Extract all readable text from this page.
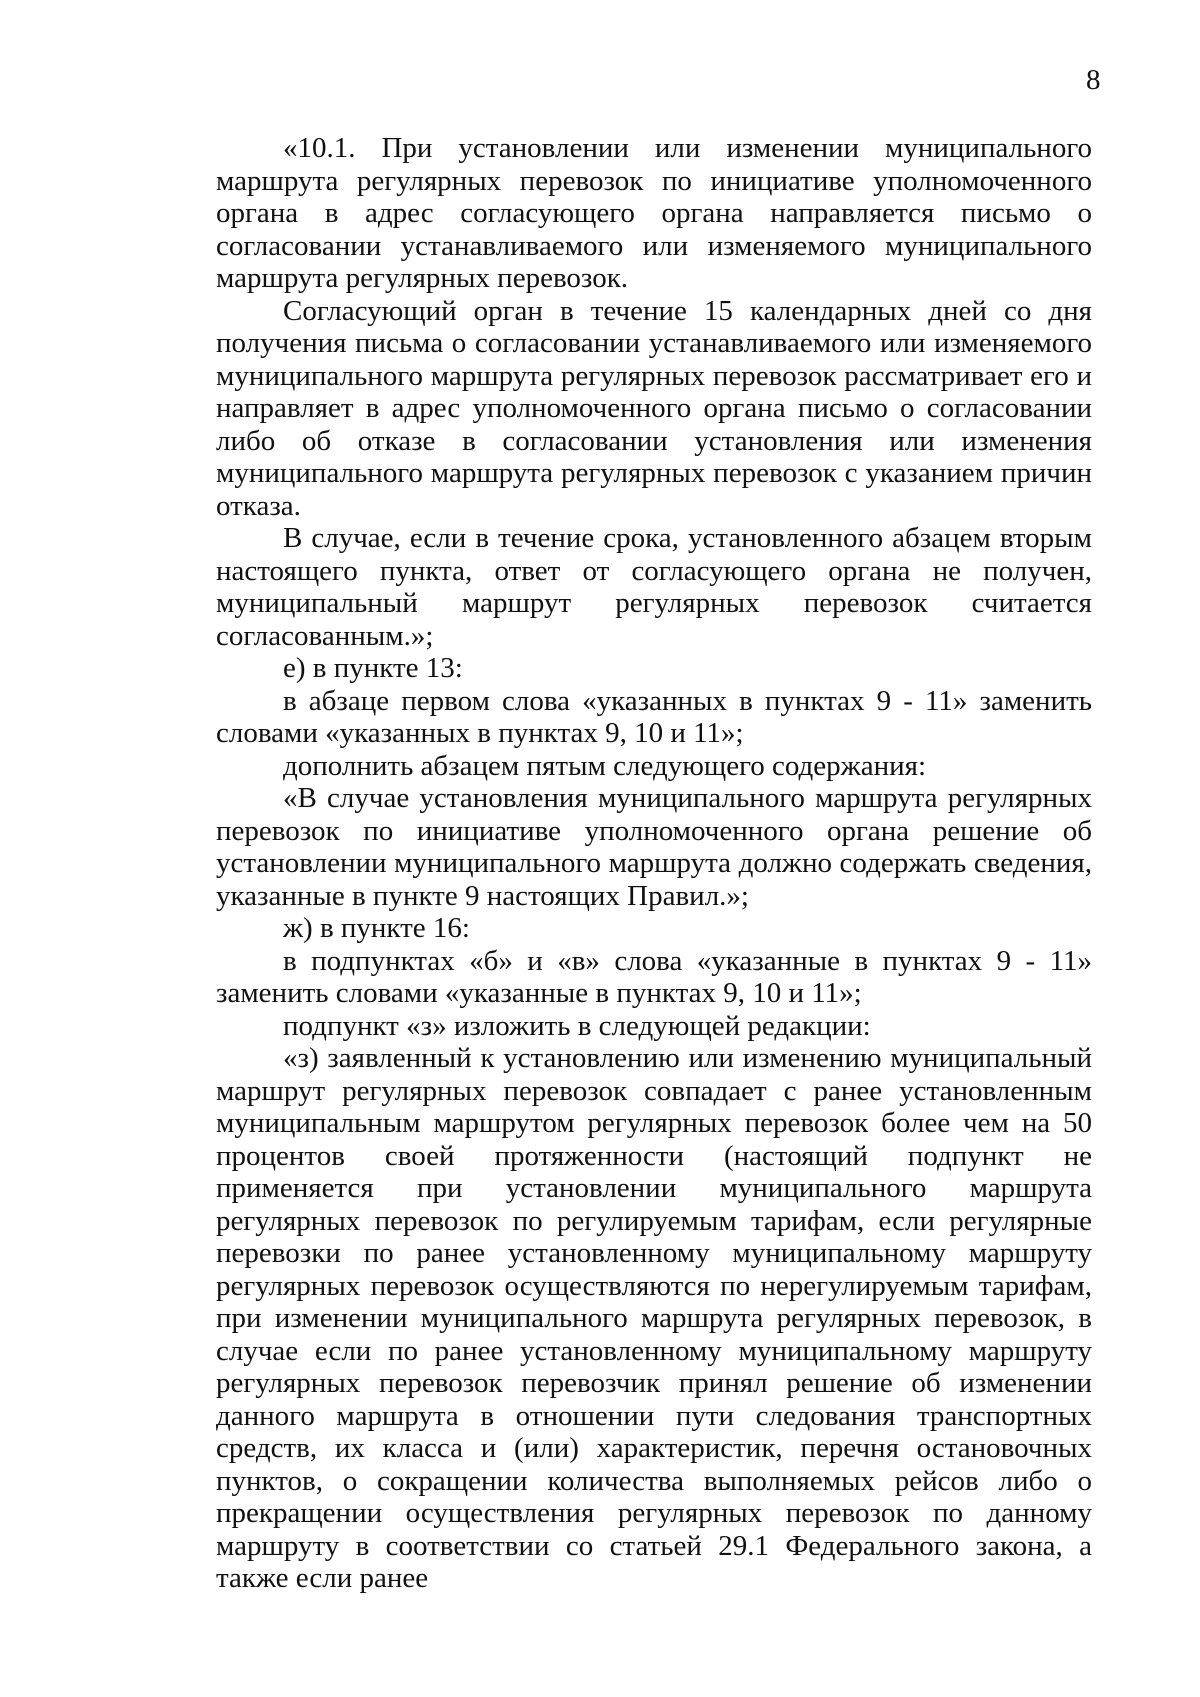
8

«10.1. При установлении или изменении муниципального маршрута регулярных перевозок по инициативе уполномоченного органа в адрес согласующего органа направляется письмо о согласовании устанавливаемого или изменяемого муниципального маршрута регулярных перевозок.

Согласующий орган в течение 15 календарных дней со дня получения письма о согласовании устанавливаемого или изменяемого муниципального маршрута регулярных перевозок рассматривает его и направляет в адрес уполномоченного органа письмо о согласовании либо об отказе в согласовании установления или изменения муниципального маршрута регулярных перевозок с указанием причин отказа.

В случае, если в течение срока, установленного абзацем вторым настоящего пункта, ответ от согласующего органа не получен, муниципальный маршрут регулярных перевозок считается согласованным.»;

е) в пункте 13:

в абзаце первом слова «указанных в пунктах 9 - 11» заменить словами «указанных в пунктах 9, 10 и 11»;

дополнить абзацем пятым следующего содержания:

«В случае установления муниципального маршрута регулярных перевозок по инициативе уполномоченного органа решение об установлении муниципального маршрута должно содержать сведения, указанные в пункте 9 настоящих Правил.»;

ж) в пункте 16:

в подпунктах «б» и «в» слова «указанные в пунктах 9 - 11» заменить словами «указанные в пунктах 9, 10 и 11»;

подпункт «з» изложить в следующей редакции:

«з) заявленный к установлению или изменению муниципальный маршрут регулярных перевозок совпадает с ранее установленным муниципальным маршрутом регулярных перевозок более чем на 50 процентов своей протяженности (настоящий подпункт не применяется при установлении муниципального маршрута регулярных перевозок по регулируемым тарифам, если регулярные перевозки по ранее установленному муниципальному маршруту регулярных перевозок осуществляются по нерегулируемым тарифам, при изменении муниципального маршрута регулярных перевозок, в случае если по ранее установленному муниципальному маршруту регулярных перевозок перевозчик принял решение об изменении данного маршрута в отношении пути следования транспортных средств, их класса и (или) характеристик, перечня остановочных пунктов, о сокращении количества выполняемых рейсов либо о прекращении осуществления регулярных перевозок по данному маршруту в соответствии со статьей 29.1 Федерального закона, а также если ранее
